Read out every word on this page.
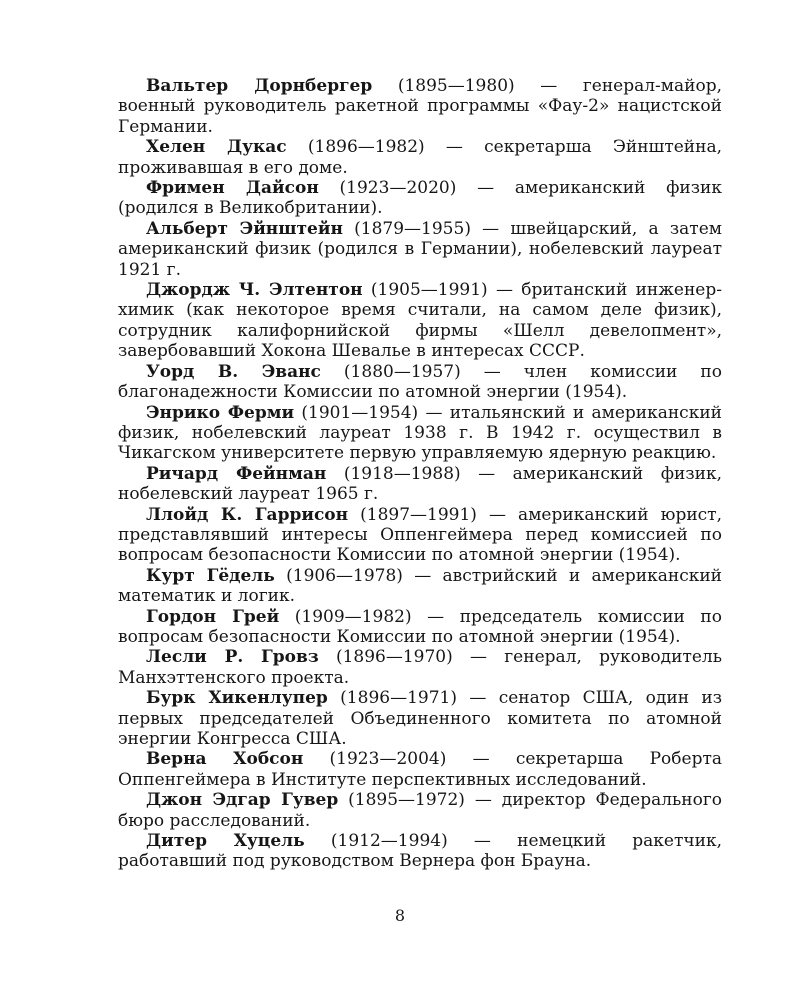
Вальтер Дорнбергер (1895—1980) — генерал-майор, военный руководитель ракетной программы «Фау-2» нацистской Германии.

Хелен Дукас (1896—1982) — секретарша Эйнштейна, проживавшая в его доме.

Фримен Дайсон (1923—2020) — американский физик (родился в Великобритании).

Альберт Эйнштейн (1879—1955) — швейцарский, а затем американский физик (родился в Германии), нобелевский лауреат 1921 г.

Джордж Ч. Элтентон (1905—1991) — британский инженер-химик (как некоторое время считали, на самом деле физик), сотрудник калифорнийской фирмы «Шелл девелопмент», завербовавший Хокона Шевалье в интересах СССР.

Уорд В. Эванс (1880—1957) — член комиссии по благонадежности Комиссии по атомной энергии (1954).

Энрико Ферми (1901—1954) — итальянский и американский физик, нобелевский лауреат 1938 г. В 1942 г. осуществил в Чикагском университете первую управляемую ядерную реакцию.

Ричард Фейнман (1918—1988) — американский физик, нобелевский лауреат 1965 г.

Ллойд К. Гаррисон (1897—1991) — американский юрист, представлявший интересы Оппенгеймера перед комиссией по вопросам безопасности Комиссии по атомной энергии (1954).

Курт Гёдель (1906—1978) — австрийский и американский математик и логик.

Гордон Грей (1909—1982) — председатель комиссии по вопросам безопасности Комиссии по атомной энергии (1954).

Лесли Р. Гровз (1896—1970) — генерал, руководитель Манхэттенского проекта.

Бурк Хикенлупер (1896—1971) — сенатор США, один из первых председателей Объединенного комитета по атомной энергии Конгресса США.

Верна Хобсон (1923—2004) — секретарша Роберта Оппенгеймера в Институте перспективных исследований.

Джон Эдгар Гувер (1895—1972) — директор Федерального бюро расследований.

Дитер Хуцель (1912—1994) — немецкий ракетчик, работавший под руководством Вернера фон Брауна.

8
